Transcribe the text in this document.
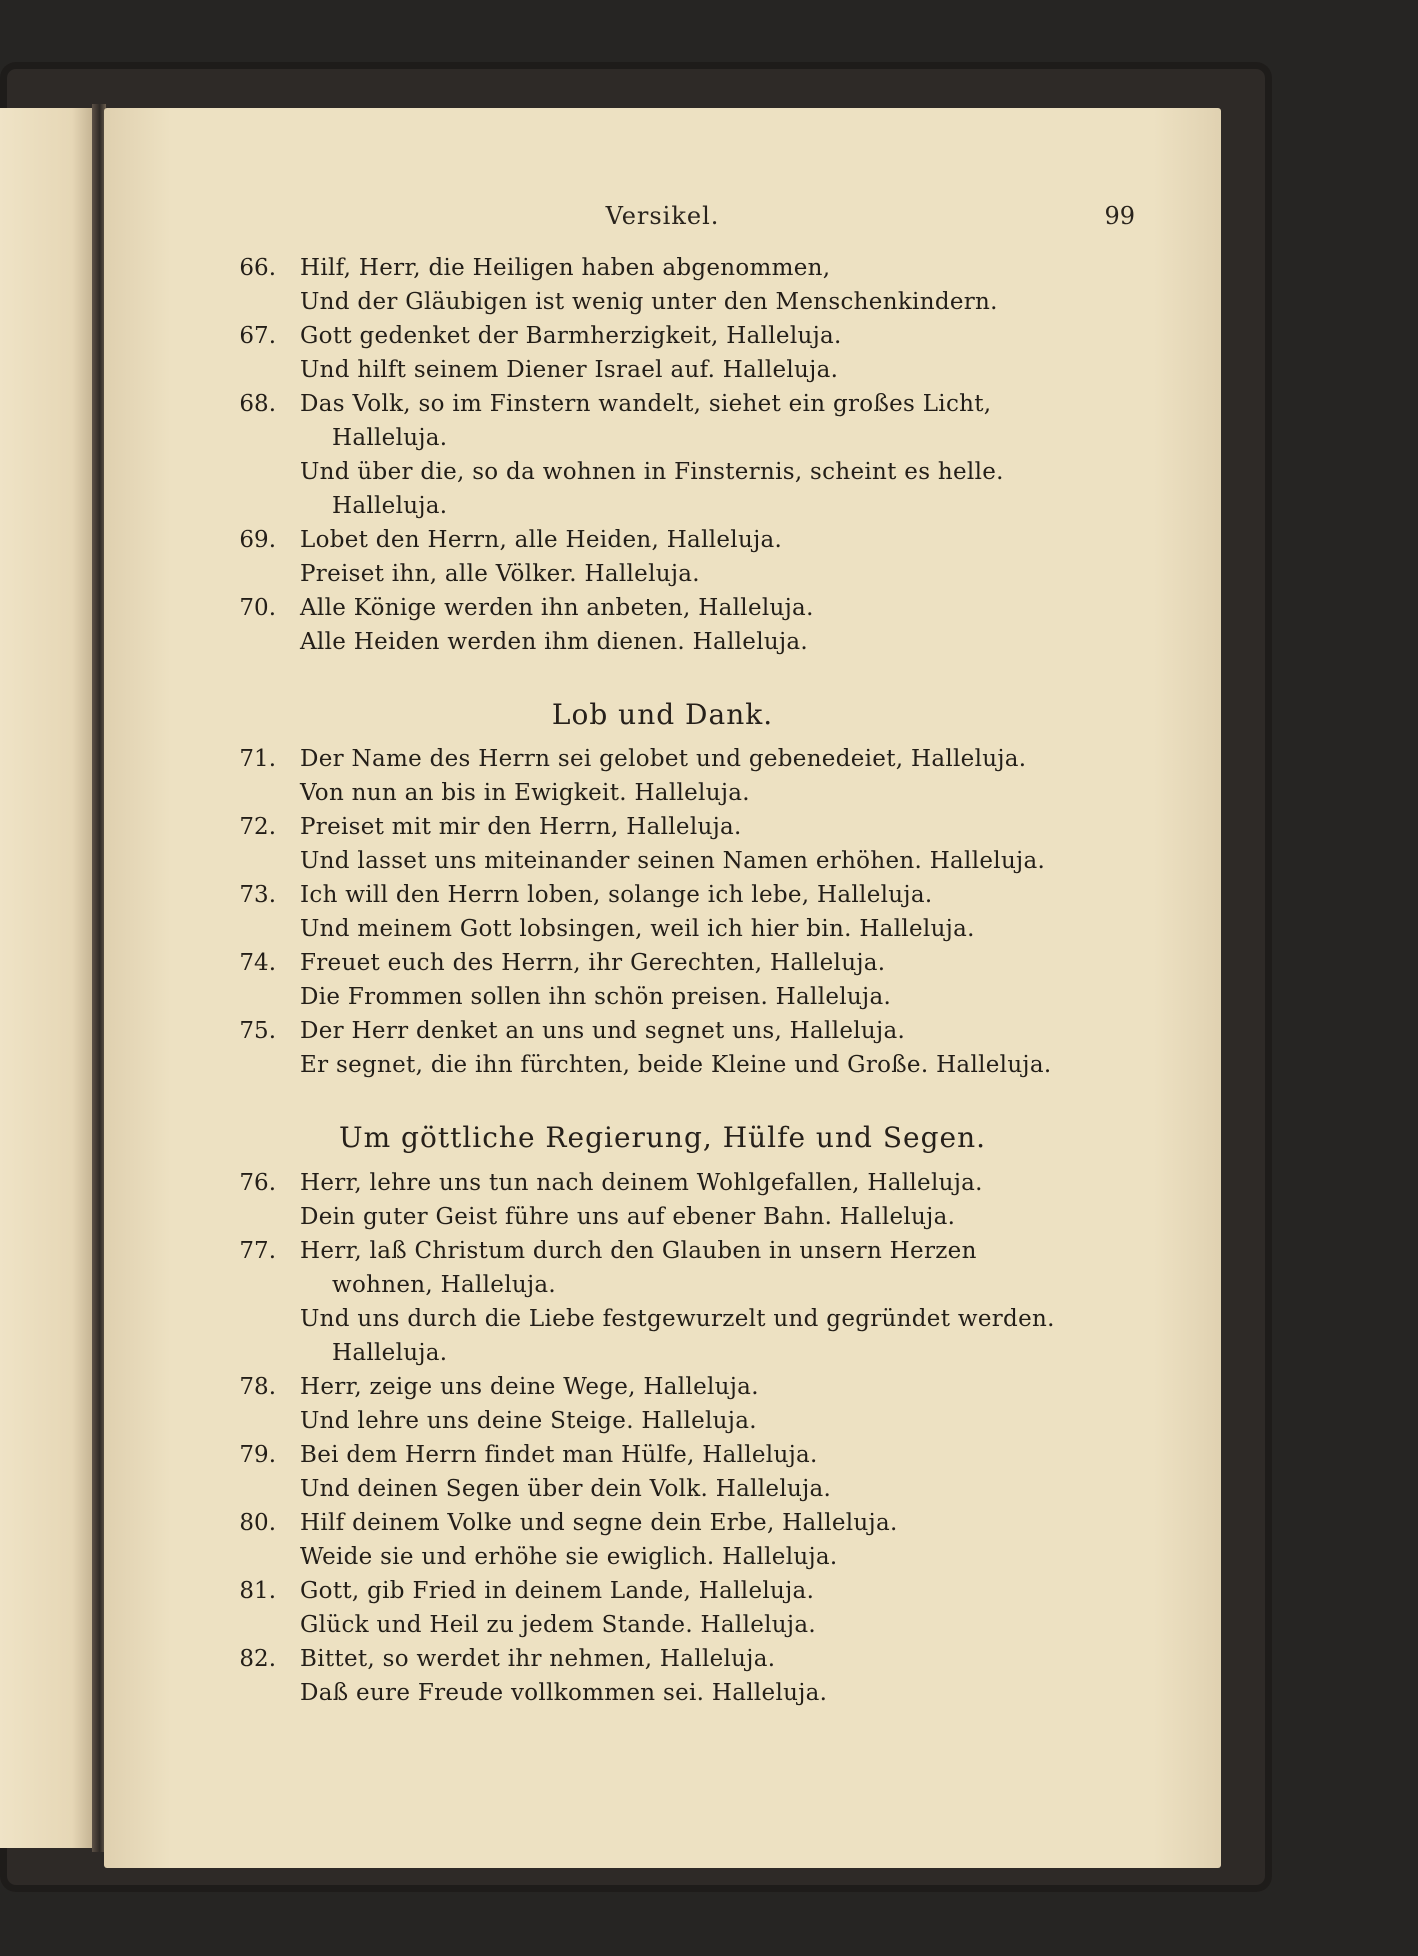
Versikel.	99
Lob und Dank.
Um göttliche Regierung, Hülfe und Segen.
66. Hilf, Herr, die Heiligen haben abgenommen,
Und der Gläubigen ist wenig unter den Menschenkindern.
67. Gott gedenket der Barmherzigkeit, Halleluja.
Und hilft seinem Diener Israel auf. Halleluja.
68. Das Volk, so im Finstern wandelt, siehet ein großes Licht,
Halleluja.
Und über die, so da wohnen in Finsternis, scheint es helle.
Halleluja.
69. Lobet den Herrn, alle Heiden, Halleluja.
Preiset ihn, alle Völker. Halleluja.
70. Alle Könige werden ihn anbeten, Halleluja.
Alle Heiden werden ihm dienen. Halleluja.
71. Der Name des Herrn sei gelobet und gebenedeiet, Halleluja.
Von nun an bis in Ewigkeit. Halleluja.
72. Preiset mit mir den Herrn, Halleluja.
Und lasset uns miteinander seinen Namen erhöhen. Halleluja.
73. Ich will den Herrn loben, solange ich lebe, Halleluja.
Und meinem Gott lobsingen, weil ich hier bin. Halleluja.
74. Freuet euch des Herrn, ihr Gerechten, Halleluja.
Die Frommen sollen ihn schön preisen. Halleluja.
75. Der Herr denket an uns und segnet uns, Halleluja.
Er segnet, die ihn fürchten, beide Kleine und Große. Halleluja.
76. Herr, lehre uns tun nach deinem Wohlgefallen, Halleluja.
Dein guter Geist führe uns auf ebener Bahn. Halleluja.
77. Herr, laß Christum durch den Glauben in unsern Herzen
wohnen, Halleluja.
Und uns durch die Liebe festgewurzelt und gegründet werden.
Halleluja.
78. Herr, zeige uns deine Wege, Halleluja.
Und lehre uns deine Steige. Halleluja.
79. Bei dem Herrn findet man Hülfe, Halleluja.
Und deinen Segen über dein Volk. Halleluja.
80. Hilf deinem Volke und segne dein Erbe, Halleluja.
Weide sie und erhöhe sie ewiglich. Halleluja.
81. Gott, gib Fried in deinem Lande, Halleluja.
Glück und Heil zu jedem Stande. Halleluja.
82. Bittet, so werdet ihr nehmen, Halleluja.
Daß eure Freude vollkommen sei. Halleluja.
